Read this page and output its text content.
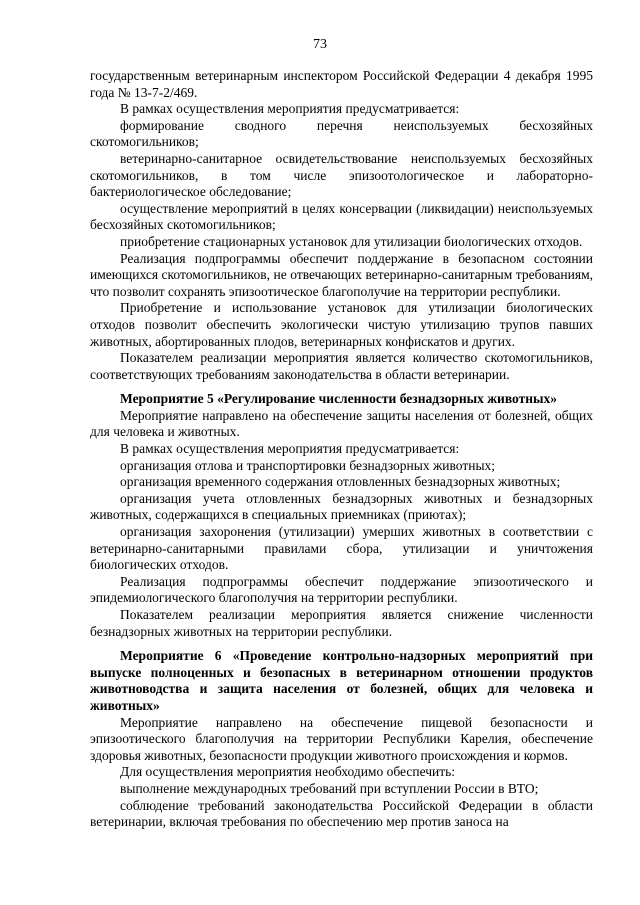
73

государственным ветеринарным инспектором Российской Федерации 4 декабря 1995 года № 13-7-2/469.

В рамках осуществления мероприятия предусматривается:

формирование сводного перечня неиспользуемых бесхозяйных скотомогильников;

ветеринарно-санитарное освидетельствование неиспользуемых бесхозяйных скотомогильников, в том числе эпизоотологическое и лабораторно-бактериологическое обследование;

осуществление мероприятий в целях консервации (ликвидации) неиспользуемых бесхозяйных скотомогильников;

приобретение стационарных установок для утилизации биологических отходов.

Реализация подпрограммы обеспечит поддержание в безопасном состоянии имеющихся скотомогильников, не отвечающих ветеринарно-санитарным требованиям, что позволит сохранять эпизоотическое благополучие на территории республики.

Приобретение и использование установок для утилизации биологических отходов позволит обеспечить экологически чистую утилизацию трупов павших животных, абортированных плодов, ветеринарных конфискатов и других.

Показателем реализации мероприятия является количество скотомогильников, соответствующих требованиям законодательства в области ветеринарии.

Мероприятие 5 «Регулирование численности безнадзорных животных»

Мероприятие направлено на обеспечение защиты населения от болезней, общих для человека и животных.

В рамках осуществления мероприятия предусматривается:

организация отлова и транспортировки безнадзорных животных;

организация временного содержания отловленных безнадзорных животных;

организация учета отловленных безнадзорных животных и безнадзорных животных, содержащихся в специальных приемниках (приютах);

организация захоронения (утилизации) умерших животных в соответствии с ветеринарно-санитарными правилами сбора, утилизации и уничтожения биологических отходов.

Реализация подпрограммы обеспечит поддержание эпизоотического и эпидемиологического благополучия на территории республики.

Показателем реализации мероприятия является снижение численности безнадзорных животных на территории республики.

Мероприятие 6 «Проведение контрольно-надзорных мероприятий при выпуске полноценных и безопасных в ветеринарном отношении продуктов животноводства и защита населения от болезней, общих для человека и животных»

Мероприятие направлено на обеспечение пищевой безопасности и эпизоотического благополучия на территории Республики Карелия, обеспечение здоровья животных, безопасности продукции животного происхождения и кормов.

Для осуществления мероприятия необходимо обеспечить:

выполнение международных требований при вступлении России в ВТО;

соблюдение требований законодательства Российской Федерации в области ветеринарии, включая требования по обеспечению мер против заноса на
